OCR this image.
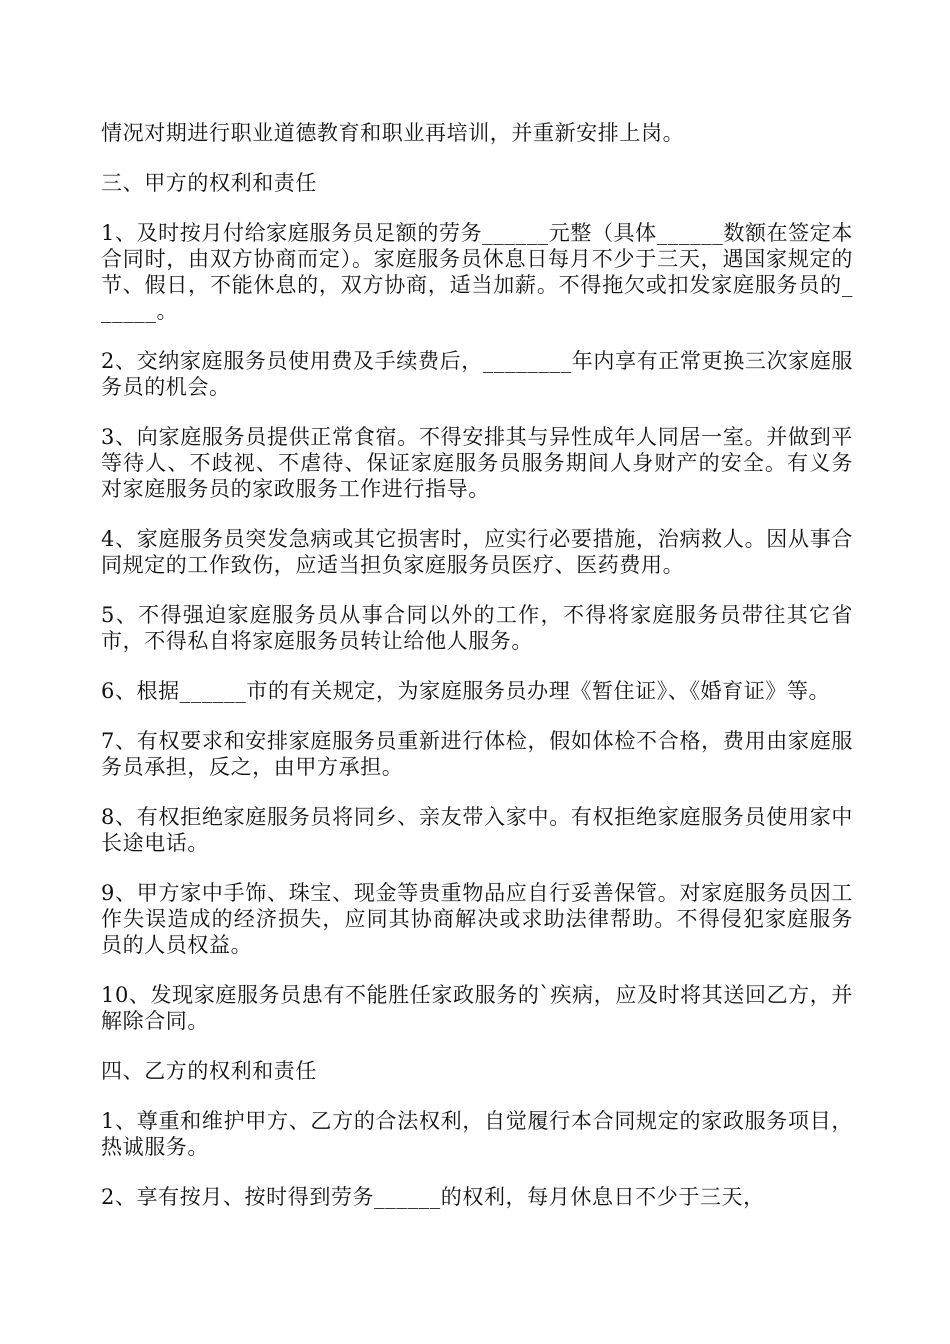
情况对期进行职业道德教育和职业再培训，并重新安排上岗。

三、甲方的权利和责任

1、及时按月付给家庭服务员足额的劳务______元整（具体______数额在签定本合同时，由双方协商而定）。家庭服务员休息日每月不少于三天，遇国家规定的节、假日，不能休息的，双方协商，适当加薪。不得拖欠或扣发家庭服务员的______。

2、交纳家庭服务员使用费及手续费后，________年内享有正常更换三次家庭服务员的机会。

3、向家庭服务员提供正常食宿。不得安排其与异性成年人同居一室。并做到平等待人、不歧视、不虐待、保证家庭服务员服务期间人身财产的安全。有义务对家庭服务员的家政服务工作进行指导。

4、家庭服务员突发急病或其它损害时，应实行必要措施，治病救人。因从事合同规定的工作致伤，应适当担负家庭服务员医疗、医药费用。

5、不得强迫家庭服务员从事合同以外的工作，不得将家庭服务员带往其它省市，不得私自将家庭服务员转让给他人服务。

6、根据______市的有关规定，为家庭服务员办理《暂住证》、《婚育证》等。

7、有权要求和安排家庭服务员重新进行体检，假如体检不合格，费用由家庭服务员承担，反之，由甲方承担。

8、有权拒绝家庭服务员将同乡、亲友带入家中。有权拒绝家庭服务员使用家中长途电话。

9、甲方家中手饰、珠宝、现金等贵重物品应自行妥善保管。对家庭服务员因工作失误造成的经济损失，应同其协商解决或求助法律帮助。不得侵犯家庭服务员的人员权益。

10、发现家庭服务员患有不能胜任家政服务的`疾病，应及时将其送回乙方，并解除合同。

四、乙方的权利和责任

1、尊重和维护甲方、乙方的合法权利，自觉履行本合同规定的家政服务项目，热诚服务。

2、享有按月、按时得到劳务______的权利，每月休息日不少于三天，
